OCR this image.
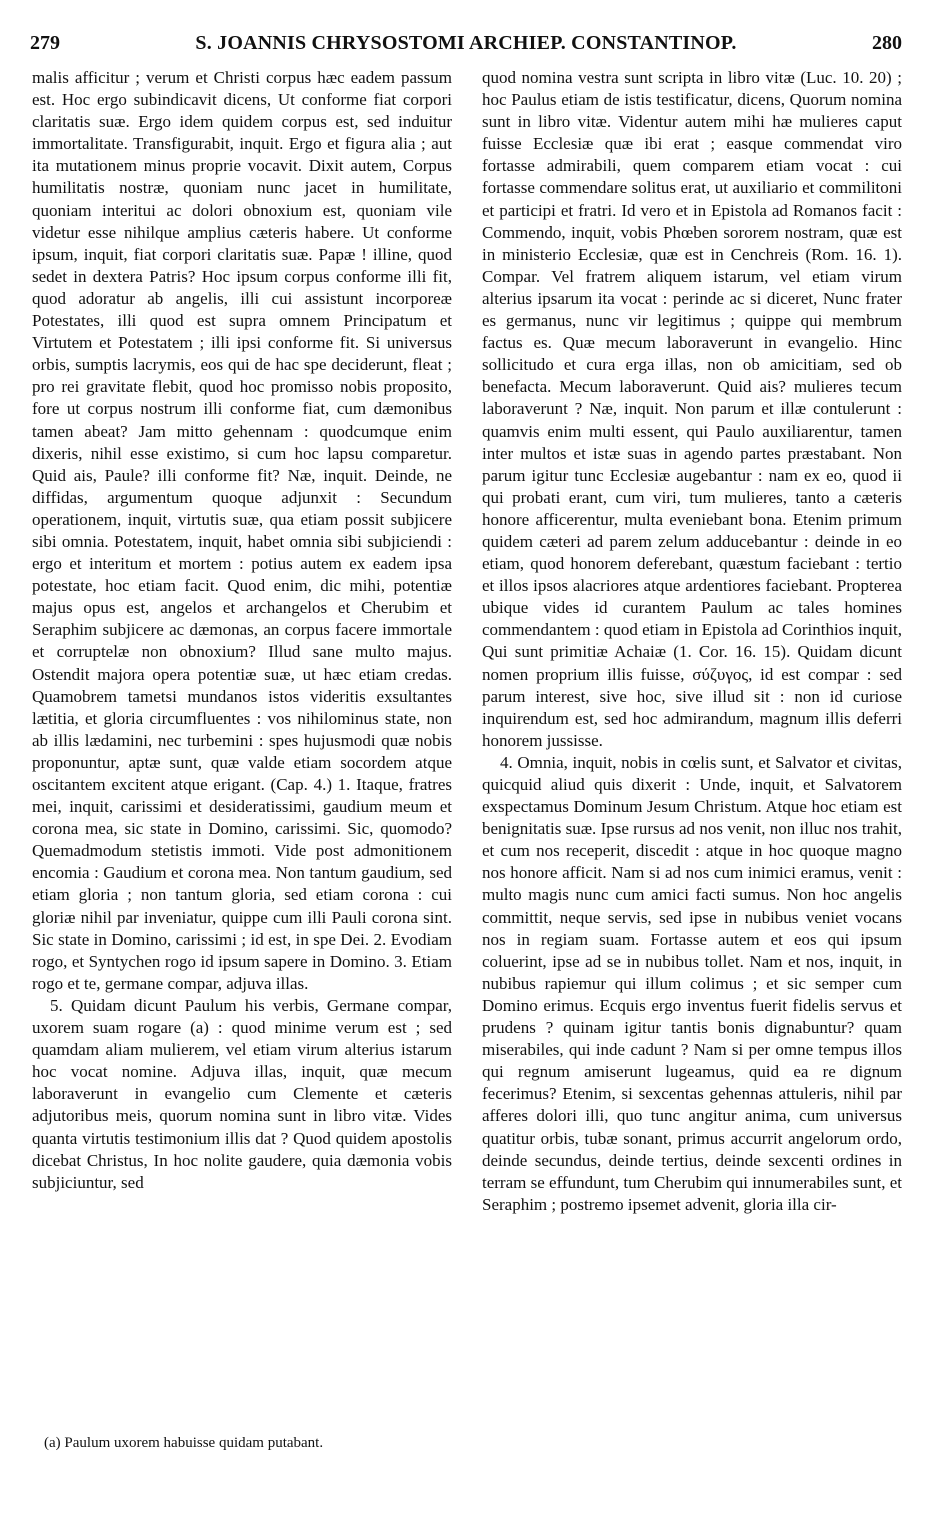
279	S. JOANNIS CHRYSOSTOMI ARCHIEP. CONSTANTINOP.	280

malis afficitur ; verum et Christi corpus hæc eadem passum est. Hoc ergo subindicavit dicens, Ut conforme fiat corpori claritatis suæ. Ergo idem quidem corpus est, sed induitur immortalitate. Transfigurabit, inquit. Ergo et figura alia ; aut ita mutationem minus proprie vocavit. Dixit autem, Corpus humilitatis nostræ, quoniam nunc jacet in humilitate, quoniam interitui ac dolori obnoxium est, quoniam vile videtur esse nihilque amplius cæteris habere. Ut conforme ipsum, inquit, fiat corpori claritatis suæ. Papæ ! illine, quod sedet in dextera Patris? Hoc ipsum corpus conforme illi fit, quod adoratur ab angelis, illi cui assistunt incorporeæ Potestates, illi quod est supra omnem Principatum et Virtutem et Potestatem ; illi ipsi conforme fit. Si universus orbis, sumptis lacrymis, eos qui de hac spe deciderunt, fleat ; pro rei gravitate flebit, quod hoc promisso nobis proposito, fore ut corpus nostrum illi conforme fiat, cum dæmonibus tamen abeat? Jam mitto gehennam : quodcumque enim dixeris, nihil esse existimo, si cum hoc lapsu comparetur. Quid ais, Paule? illi conforme fit? Næ, inquit. Deinde, ne diffidas, argumentum quoque adjunxit : Secundum operationem, inquit, virtutis suæ, qua etiam possit subjicere sibi omnia. Potestatem, inquit, habet omnia sibi subjiciendi : ergo et interitum et mortem : potius autem ex eadem ipsa potestate, hoc etiam facit. Quod enim, dic mihi, potentiæ majus opus est, angelos et archangelos et Cherubim et Seraphim subjicere ac dæmonas, an corpus facere immortale et corruptelæ non obnoxium? Illud sane multo majus. Ostendit majora opera potentiæ suæ, ut hæc etiam credas. Quamobrem tametsi mundanos istos videritis exsultantes lætitia, et gloria circumfluentes : vos nihilominus state, non ab illis lædamini, nec turbemini : spes hujusmodi quæ nobis proponuntur, aptæ sunt, quæ valde etiam socordem atque oscitantem excitent atque erigant. (Cap. 4.) 1. Itaque, fratres mei, inquit, carissimi et desideratissimi, gaudium meum et corona mea, sic state in Domino, carissimi. Sic, quomodo? Quemadmodum stetistis immoti. Vide post admonitionem encomia : Gaudium et corona mea. Non tantum gaudium, sed etiam gloria ; non tantum gloria, sed etiam corona : cui gloriæ nihil par inveniatur, quippe cum illi Pauli corona sint. Sic state in Domino, carissimi ; id est, in spe Dei. 2. Evodiam rogo, et Syntychen rogo id ipsum sapere in Domino. 3. Etiam rogo et te, germane compar, adjuva illas.

5. Quidam dicunt Paulum his verbis, Germane compar, uxorem suam rogare (a) : quod minime verum est ; sed quamdam aliam mulierem, vel etiam virum alterius istarum hoc vocat nomine. Adjuva illas, inquit, quæ mecum laboraverunt in evangelio cum Clemente et cæteris adjutoribus meis, quorum nomina sunt in libro vitæ. Vides quanta virtutis testimonium illis dat ? Quod quidem apostolis dicebat Christus, In hoc nolite gaudere, quia dæmonia vobis subjiciuntur, sed

quod nomina vestra sunt scripta in libro vitæ (Luc. 10. 20) ; hoc Paulus etiam de istis testificatur, dicens, Quorum nomina sunt in libro vitæ. Videntur autem mihi hæ mulieres caput fuisse Ecclesiæ quæ ibi erat ; easque commendat viro fortasse admirabili, quem comparem etiam vocat : cui fortasse commendare solitus erat, ut auxiliario et commilitoni et participi et fratri. Id vero et in Epistola ad Romanos facit : Commendo, inquit, vobis Phœben sororem nostram, quæ est in ministerio Ecclesiæ, quæ est in Cenchreis (Rom. 16. 1). Compar. Vel fratrem aliquem istarum, vel etiam virum alterius ipsarum ita vocat : perinde ac si diceret, Nunc frater es germanus, nunc vir legitimus ; quippe qui membrum factus es. Quæ mecum laboraverunt in evangelio. Hinc sollicitudo et cura erga illas, non ob amicitiam, sed ob benefacta. Mecum laboraverunt. Quid ais? mulieres tecum laboraverunt ? Næ, inquit. Non parum et illæ contulerunt : quamvis enim multi essent, qui Paulo auxiliarentur, tamen inter multos et istæ suas in agendo partes præstabant. Non parum igitur tunc Ecclesiæ augebantur : nam ex eo, quod ii qui probati erant, cum viri, tum mulieres, tanto a cæteris honore afficerentur, multa eveniebant bona. Etenim primum quidem cæteri ad parem zelum adducebantur : deinde in eo etiam, quod honorem deferebant, quæstum faciebant : tertio et illos ipsos alacriores atque ardentiores faciebant. Propterea ubique vides id curantem Paulum ac tales homines commendantem : quod etiam in Epistola ad Corinthios inquit, Qui sunt primitiæ Achaiæ (1. Cor. 16. 15). Quidam dicunt nomen proprium illis fuisse, σύζυγος, id est compar : sed parum interest, sive hoc, sive illud sit : non id curiose inquirendum est, sed hoc admirandum, magnum illis deferri honorem jussisse.

4. Omnia, inquit, nobis in cœlis sunt, et Salvator et civitas, quicquid aliud quis dixerit : Unde, inquit, et Salvatorem exspectamus Dominum Jesum Christum. Atque hoc etiam est benignitatis suæ. Ipse rursus ad nos venit, non illuc nos trahit, et cum nos receperit, discedit : atque in hoc quoque magno nos honore afficit. Nam si ad nos cum inimici eramus, venit : multo magis nunc cum amici facti sumus. Non hoc angelis committit, neque servis, sed ipse in nubibus veniet vocans nos in regiam suam. Fortasse autem et eos qui ipsum coluerint, ipse ad se in nubibus tollet. Nam et nos, inquit, in nubibus rapiemur qui illum colimus ; et sic semper cum Domino erimus. Ecquis ergo inventus fuerit fidelis servus et prudens ? quinam igitur tantis bonis dignabuntur? quam miserabiles, qui inde cadunt ? Nam si per omne tempus illos qui regnum amiserunt lugeamus, quid ea re dignum fecerimus? Etenim, si sexcentas gehennas attuleris, nihil par afferes dolori illi, quo tunc angitur anima, cum universus quatitur orbis, tubæ sonant, primus accurrit angelorum ordo, deinde secundus, deinde tertius, deinde sexcenti ordines in terram se effundunt, tum Cherubim qui innumerabiles sunt, et Seraphim ; postremo ipsemet advenit, gloria illa cir-

(a) Paulum uxorem habuisse quidam putabant.
